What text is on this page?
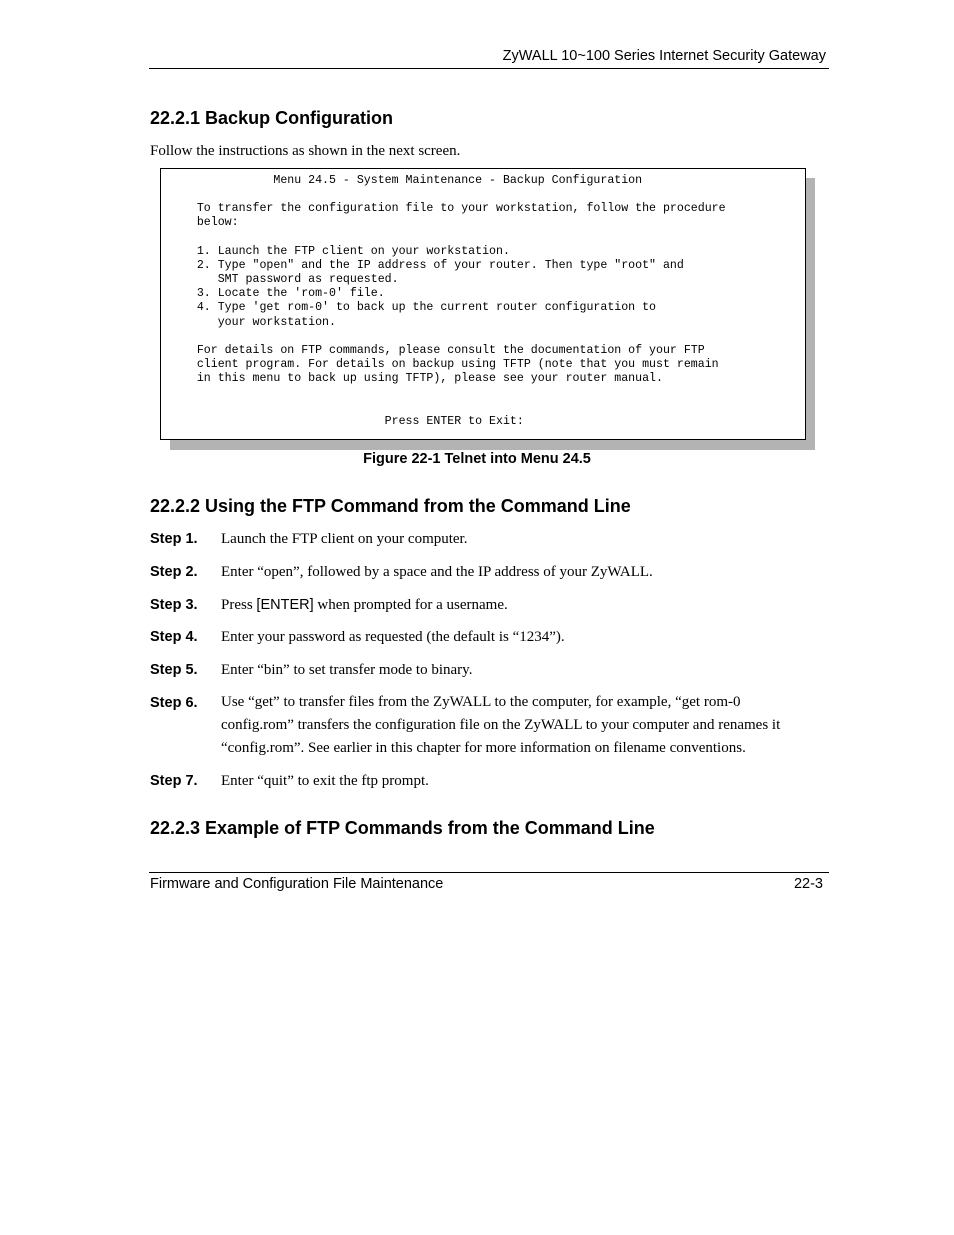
ZyWALL 10~100 Series Internet Security Gateway
22.2.1 Backup Configuration
Follow the instructions as shown in the next screen.
Menu 24.5 - System Maintenance - Backup Configuration

To transfer the configuration file to your workstation, follow the procedure
below:

1. Launch the FTP client on your workstation.
2. Type "open" and the IP address of your router. Then type "root" and
SMT password as requested.
3. Locate the 'rom-0' file.
4. Type 'get rom-0' to back up the current router configuration to
your workstation.

For details on FTP commands, please consult the documentation of your FTP
client program. For details on backup using TFTP (note that you must remain
in this menu to back up using TFTP), please see your router manual.

Press ENTER to Exit:
Figure 22-1 Telnet into Menu 24.5
22.2.2 Using the FTP Command from the Command Line
Step 1. Launch the FTP client on your computer.
Step 2. Enter “open”, followed by a space and the IP address of your ZyWALL.
Step 3. Press [ENTER] when prompted for a username.
Step 4. Enter your password as requested (the default is “1234”).
Step 5. Enter “bin” to set transfer mode to binary.
Step 6. Use “get” to transfer files from the ZyWALL to the computer, for example, “get rom-0 config.rom” transfers the configuration file on the ZyWALL to your computer and renames it “config.rom”. See earlier in this chapter for more information on filename conventions.
Step 7. Enter “quit” to exit the ftp prompt.
22.2.3 Example of FTP Commands from the Command Line
Firmware and Configuration File Maintenance	22-3
